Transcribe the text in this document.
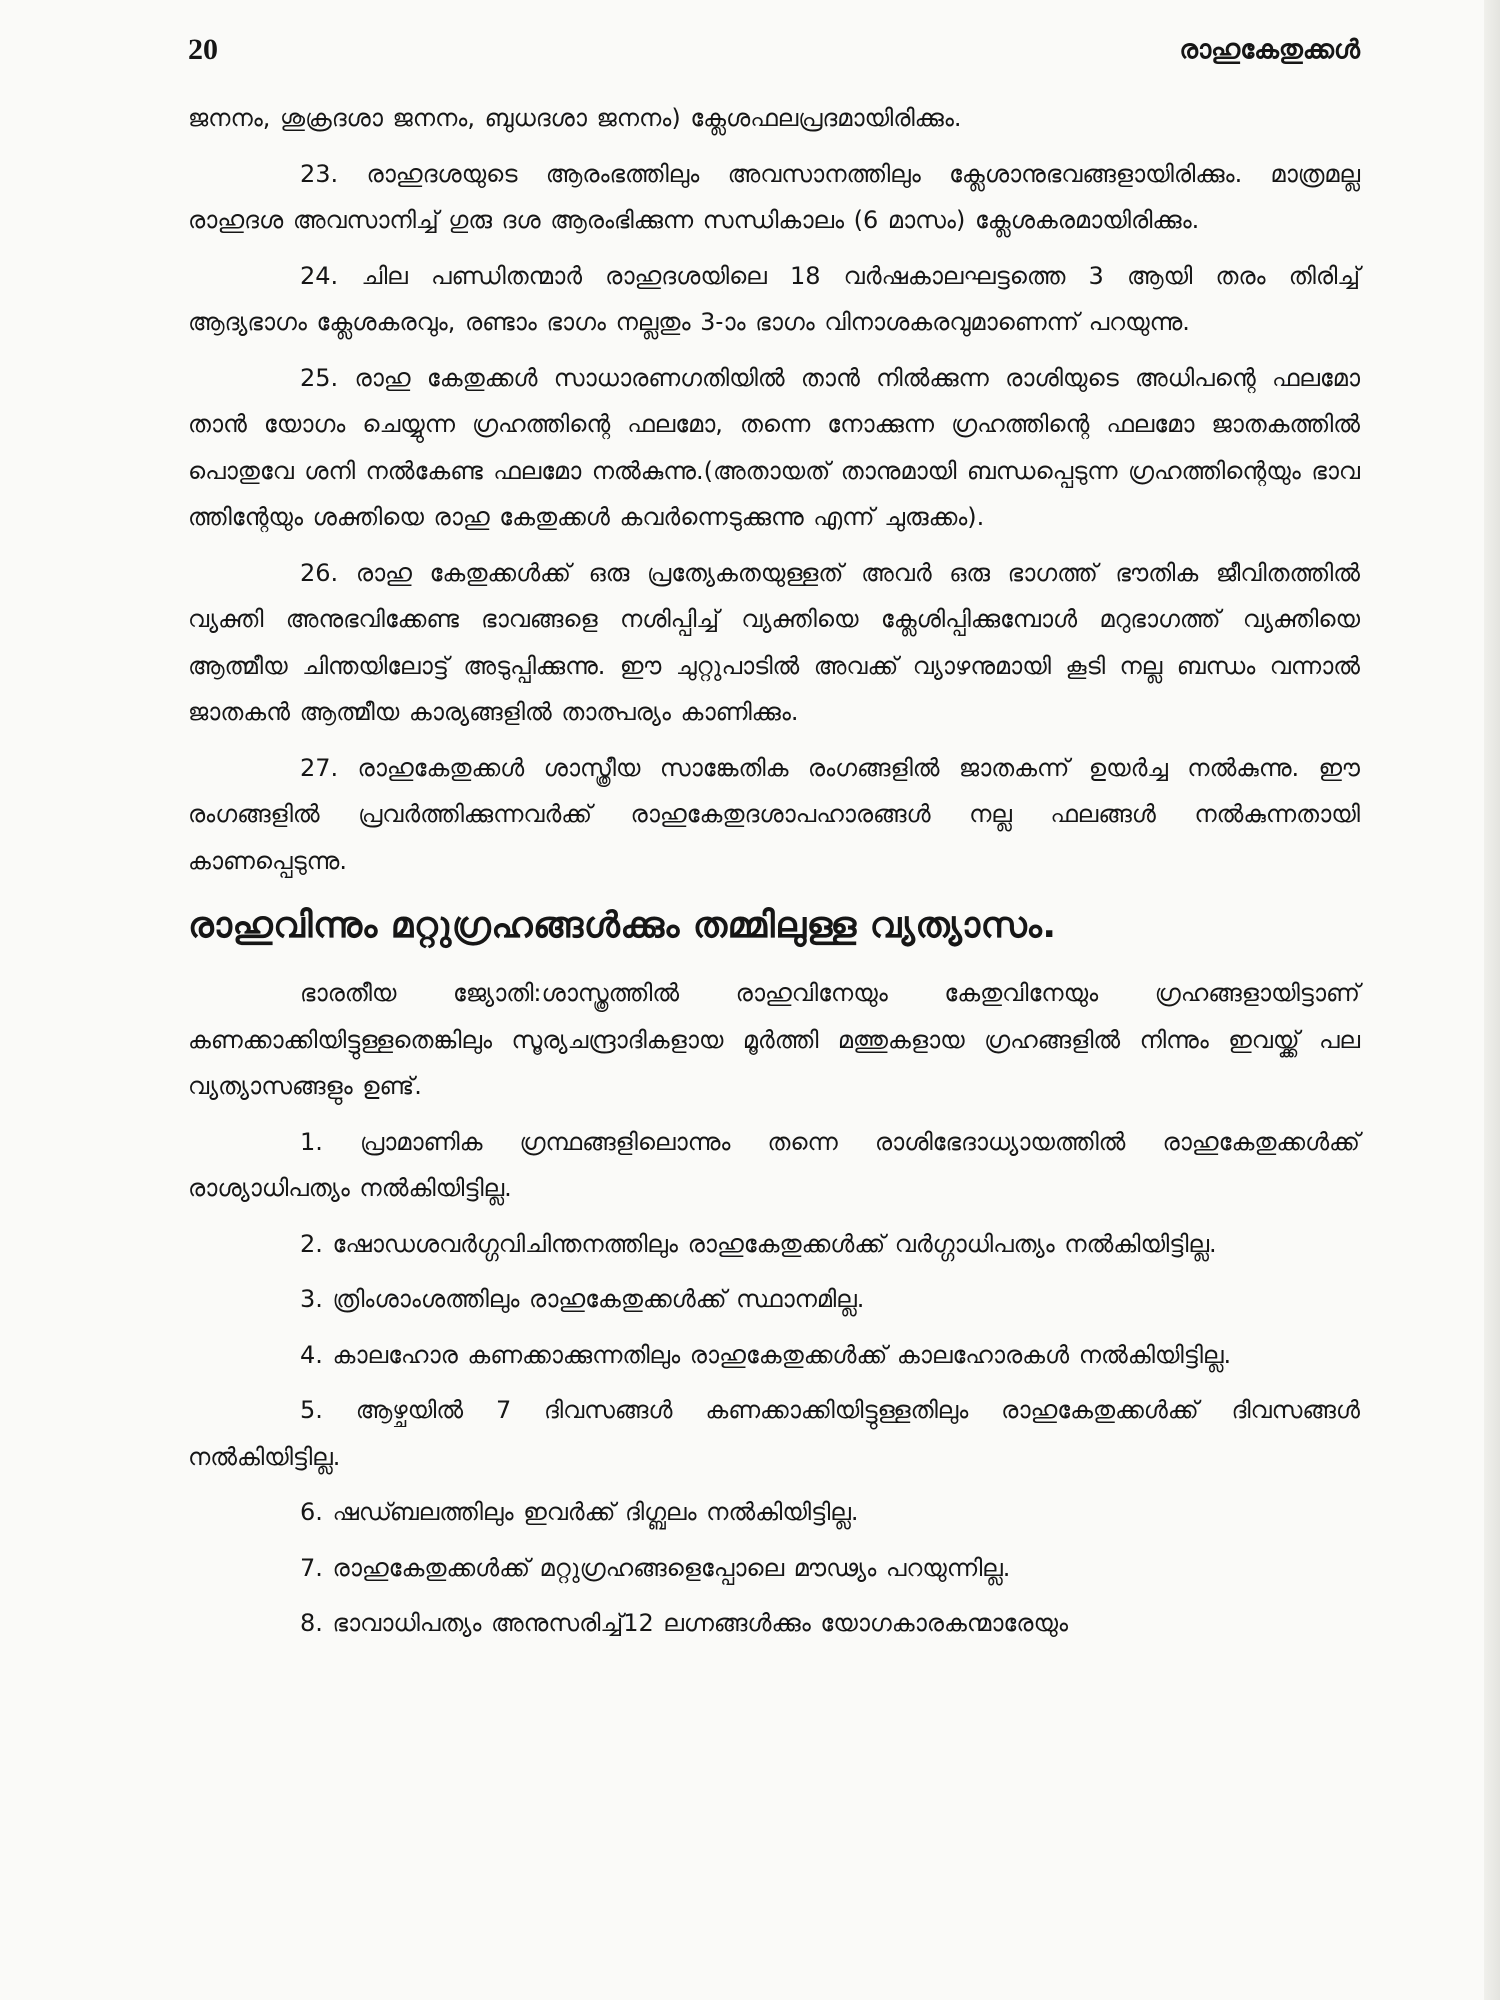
20	രാഹുകേതുക്കൾ

ജനനം, ശുക്രദശാ ജനനം, ബുധദശാ ജനനം) ക്ലേശഫലപ്രദമായിരിക്കും.

23. രാഹുദശയുടെ ആരംഭത്തിലും അവസാനത്തിലും ക്ലേശാനുഭവങ്ങളായിരിക്കും. മാത്രമല്ല രാഹുദശ അവസാനിച്ച് ഗുരു ദശ ആരംഭിക്കുന്ന സന്ധികാലം (6 മാസം) ക്ലേശകരമായിരിക്കും.

24. ചില പണ്ഡിതന്മാർ രാഹുദശയിലെ 18 വർഷകാലഘട്ടത്തെ 3 ആയി തരം തിരിച്ച് ആദ്യഭാഗം ക്ലേശകരവും, രണ്ടാം ഭാഗം നല്ലതും 3-ാം ഭാഗം വിനാശകരവുമാണെന്ന് പറയുന്നു.

25. രാഹു കേതുക്കൾ സാധാരണഗതിയിൽ താൻ നിൽക്കുന്ന രാശിയുടെ അധിപന്റെ ഫലമോ താൻ യോഗം ചെയ്യുന്ന ഗ്രഹത്തിന്റെ ഫലമോ, തന്നെ നോക്കുന്ന ഗ്രഹത്തിന്റെ ഫലമോ ജാതകത്തിൽ പൊതുവേ ശനി നൽകേണ്ട ഫലമോ നൽകുന്നു.(അതായത് താനുമായി ബന്ധപ്പെടുന്ന ഗ്രഹത്തിന്റെയും ഭാവ ത്തിന്റേയും ശക്തിയെ രാഹു കേതുക്കൾ കവർന്നെടുക്കുന്നു എന്ന് ചുരുക്കം).

26. രാഹു കേതുക്കൾക്ക് ഒരു പ്രത്യേകതയുള്ളത് അവർ ഒരു ഭാഗത്ത് ഭൗതിക ജീവിതത്തിൽ വ്യക്തി അനുഭവിക്കേണ്ട ഭാവങ്ങളെ നശിപ്പിച്ച് വ്യക്തിയെ ക്ലേശിപ്പിക്കുമ്പോൾ മറുഭാഗത്ത് വ്യക്തിയെ ആത്മീയ ചിന്തയിലോട്ട് അടുപ്പിക്കുന്നു. ഈ ചുറ്റുപാടിൽ അവക്ക് വ്യാഴനുമായി കൂടി നല്ല ബന്ധം വന്നാൽ ജാതകൻ ആത്മീയ കാര്യങ്ങളിൽ താത്പര്യം കാണിക്കും.

27. രാഹുകേതുക്കൾ ശാസ്ത്രീയ സാങ്കേതിക രംഗങ്ങളിൽ ജാതകന്ന് ഉയർച്ച നൽകുന്നു. ഈ രംഗങ്ങളിൽ പ്രവർത്തിക്കുന്നവർക്ക് രാഹുകേതുദശാപഹാരങ്ങൾ നല്ല ഫലങ്ങൾ നൽകുന്നതായി കാണപ്പെടുന്നു.

രാഹുവിന്നും മറ്റുഗ്രഹങ്ങൾക്കും തമ്മിലുള്ള വ്യത്യാസം.

ഭാരതീയ ജ്യോതി:ശാസ്ത്രത്തിൽ രാഹുവിനേയും കേതുവിനേയും ഗ്രഹങ്ങളായിട്ടാണ് കണക്കാക്കിയിട്ടുള്ളതെങ്കിലും സൂര്യചന്ദ്രാദികളായ മൂർത്തി മത്തുകളായ ഗ്രഹങ്ങളിൽ നിന്നും ഇവയ്ക്ക് പല വ്യത്യാസങ്ങളും ഉണ്ട്.

1. പ്രാമാണിക ഗ്രന്ഥങ്ങളിലൊന്നും തന്നെ രാശിഭേദാധ്യായത്തിൽ രാഹുകേതുക്കൾക്ക് രാശ്യാധിപത്യം നൽകിയിട്ടില്ല.

2. ഷോഡശവർഗ്ഗവിചിന്തനത്തിലും രാഹുകേതുക്കൾക്ക് വർഗ്ഗാധിപത്യം നൽകിയിട്ടില്ല.

3. ത്രിംശാംശത്തിലും രാഹുകേതുക്കൾക്ക് സ്ഥാനമില്ല.

4. കാലഹോര കണക്കാക്കുന്നതിലും രാഹുകേതുക്കൾക്ക് കാലഹോരകൾ നൽകിയിട്ടില്ല.

5. ആഴ്ചയിൽ 7 ദിവസങ്ങൾ കണക്കാക്കിയിട്ടുള്ളതിലും രാഹുകേതുക്കൾക്ക് ദിവസങ്ങൾ നൽകിയിട്ടില്ല.

6. ഷഡ്ബലത്തിലും ഇവർക്ക് ദിഗ്ബലം നൽകിയിട്ടില്ല.

7. രാഹുകേതുക്കൾക്ക് മറ്റുഗ്രഹങ്ങളെപ്പോലെ മൗഢ്യം പറയുന്നില്ല.

8. ഭാവാധിപത്യം അനുസരിച്ച്12 ലഗ്നങ്ങൾക്കും യോഗകാരകന്മാരേയും
